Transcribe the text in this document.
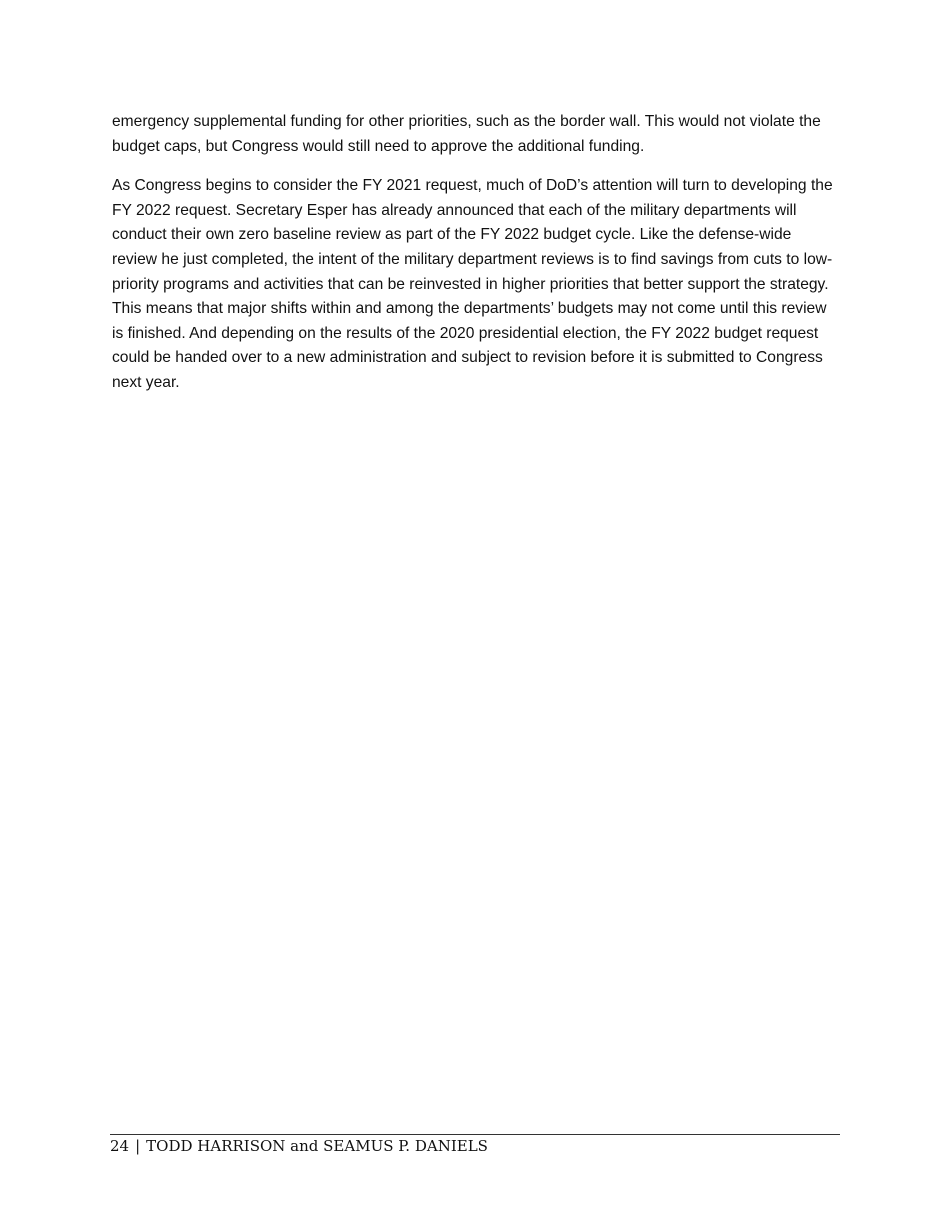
emergency supplemental funding for other priorities, such as the border wall. This would not violate the budget caps, but Congress would still need to approve the additional funding.

As Congress begins to consider the FY 2021 request, much of DoD’s attention will turn to developing the FY 2022 request. Secretary Esper has already announced that each of the military departments will conduct their own zero baseline review as part of the FY 2022 budget cycle. Like the defense-wide review he just completed, the intent of the military department reviews is to find savings from cuts to low-priority programs and activities that can be reinvested in higher priorities that better support the strategy. This means that major shifts within and among the departments’ budgets may not come until this review is finished. And depending on the results of the 2020 presidential election, the FY 2022 budget request could be handed over to a new administration and subject to revision before it is submitted to Congress next year.

24 | TODD HARRISON and SEAMUS P. DANIELS
